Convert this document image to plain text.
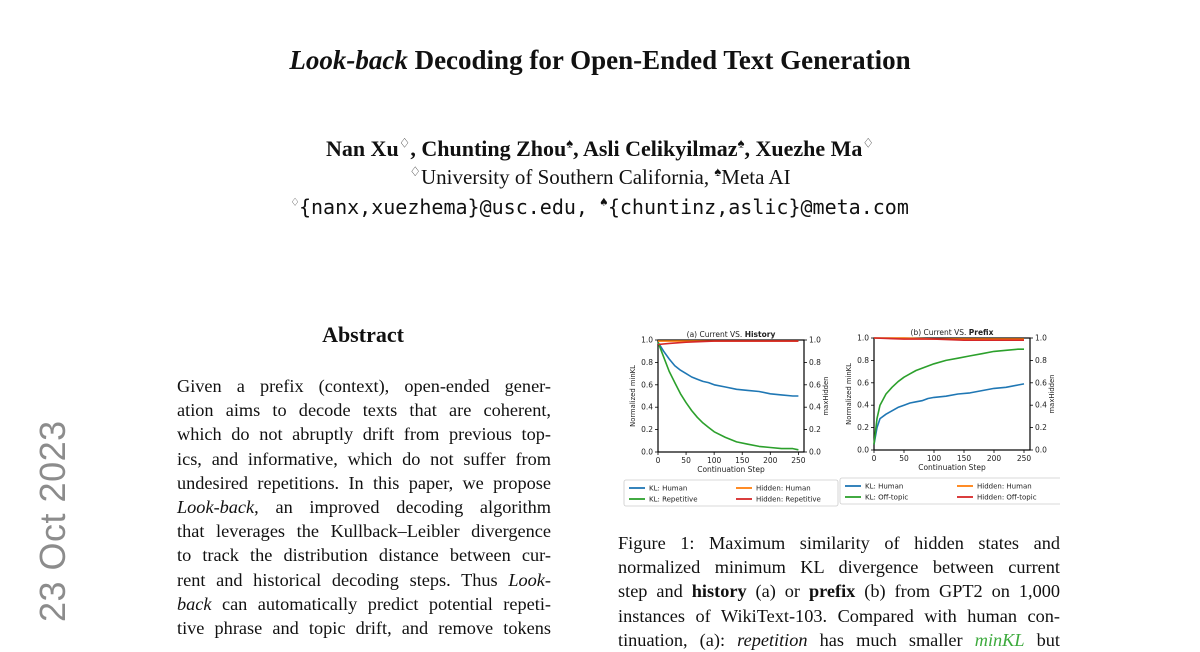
Look-back Decoding for Open-Ended Text Generation
Nan Xu♢, Chunting Zhou♠, Asli Celikyilmaz♠, Xuezhe Ma♢
♢University of Southern California, ♠Meta AI
♢{nanx,xuezhema}@usc.edu, ♠{chuntinz,aslic}@meta.com
23 Oct 2023
Abstract
Given a prefix (context), open-ended gener-
ation aims to decode texts that are coherent,
which do not abruptly drift from previous top-
ics, and informative, which do not suffer from
undesired repetitions. In this paper, we propose
Look-back, an improved decoding algorithm
that leverages the Kullback–Leibler divergence
to track the distribution distance between cur-
rent and historical decoding steps. Thus Look-
back can automatically predict potential repeti-
tive phrase and topic drift, and remove tokens
(a) Current VS. History
0	50 100 150 200 250
0.0	0.0
0.2	0.2
0.4	0.4
0.6	0.6
0.8	0.8
1.0	1.0
Continuation Step
Normalized minKL	maxHidden
KL: Human	Hidden: Human
KL: Repetitive	Hidden: Repetitive
(b) Current VS. Prefix
0	50 100 150 200 250
0.0	0.0
0.2	0.2
0.4	0.4
0.6	0.6
0.8	0.8
1.0	1.0
Continuation Step
Normalized minKL	maxHidden
KL: Human	Hidden: Human
KL: Off-topic	Hidden: Off-topic
Figure 1: Maximum similarity of hidden states and
normalized minimum KL divergence between current
step and history (a) or prefix (b) from GPT2 on 1,000
instances of WikiText-103. Compared with human con-
tinuation, (a): repetition has much smaller minKL but
